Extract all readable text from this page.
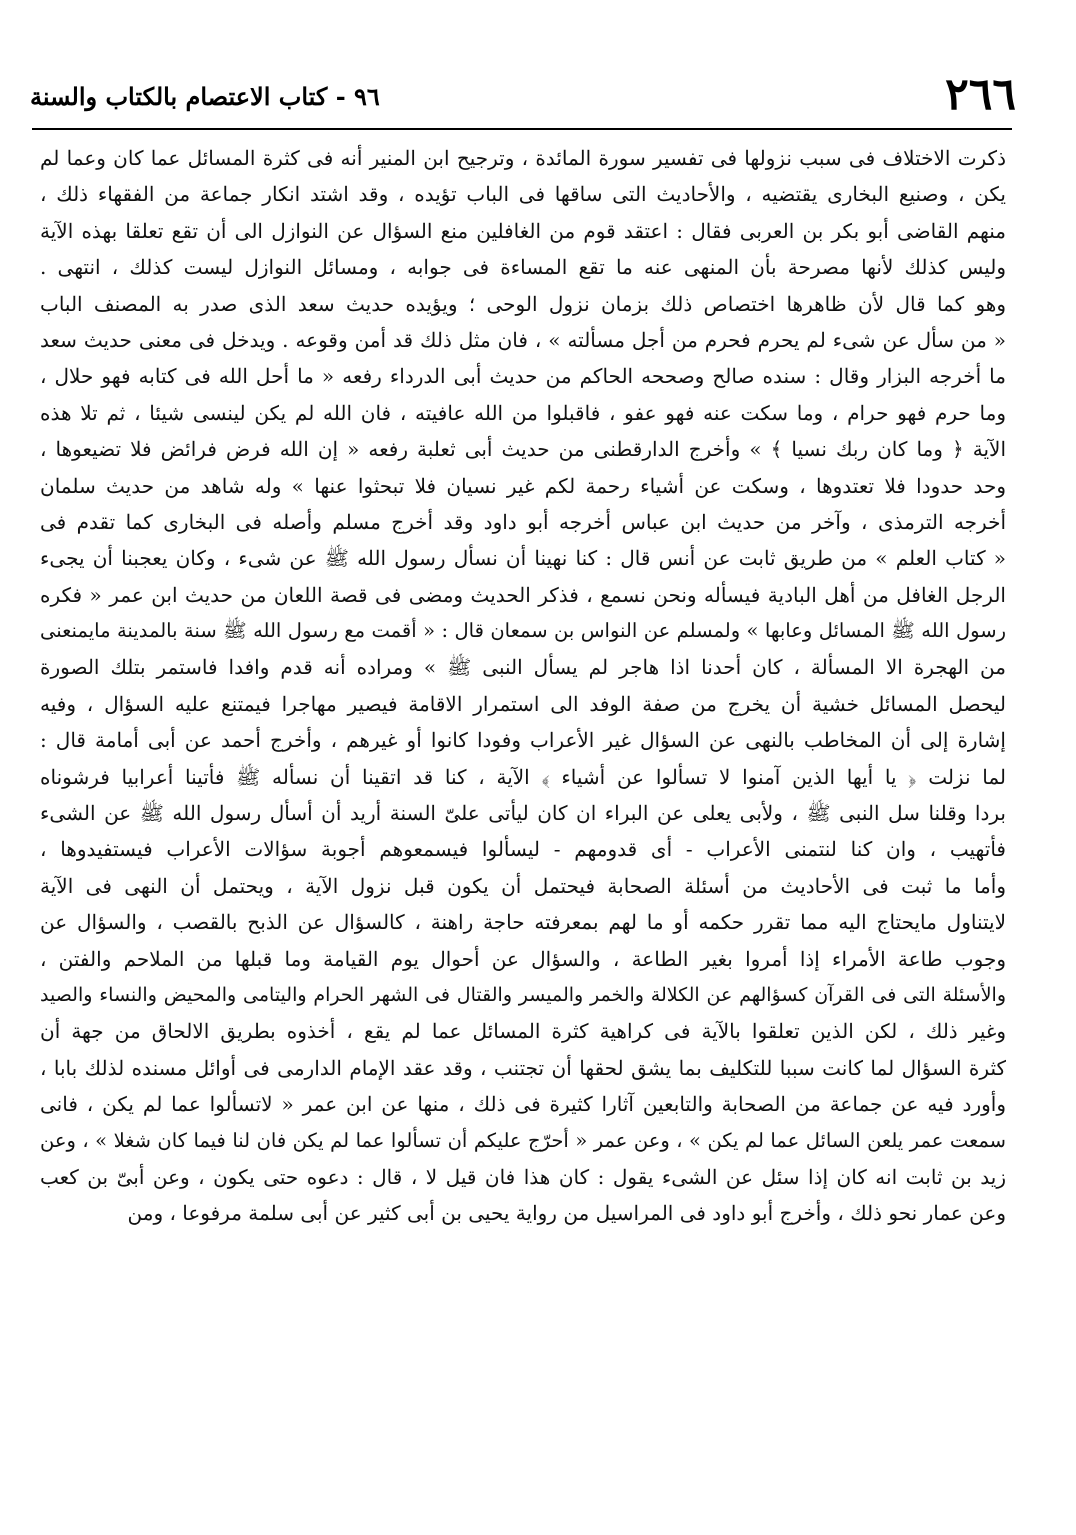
٢٦٦
٩٦ - كتاب الاعتصام بالكتاب والسنة
ذكرت الاختلاف فى سبب نزولها فى تفسير سورة المائدة ، وترجيح ابن المنير أنه فى كثرة المسائل عما كان وعما لم
يكن ، وصنيع البخارى يقتضيه ، والأحاديث التى ساقها فى الباب تؤيده ، وقد اشتد انكار جماعة من الفقهاء ذلك ،
منهم القاضى أبو بكر بن العربى فقال : اعتقد قوم من الغافلين منع السؤال عن النوازل الى أن تقع تعلقا بهذه الآية
وليس كذلك لأنها مصرحة بأن المنهى عنه ما تقع المساءة فى جوابه ، ومسائل النوازل ليست كذلك ، انتهى .
وهو كما قال لأن ظاهرها اختصاص ذلك بزمان نزول الوحى ؛ ويؤيده حديث سعد الذى صدر به المصنف الباب
« من سأل عن شىء لم يحرم فحرم من أجل مسألته » ، فان مثل ذلك قد أمن وقوعه . ويدخل فى معنى حديث سعد
ما أخرجه البزار وقال : سنده صالح وصححه الحاكم من حديث أبى الدرداء رفعه « ما أحل الله فى كتابه فهو حلال ،
وما حرم فهو حرام ، وما سكت عنه فهو عفو ، فاقبلوا من الله عافيته ، فان الله لم يكن لينسى شيئا ، ثم تلا هذه
الآية ﴿ وما كان ربك نسيا ﴾ » وأخرج الدارقطنى من حديث أبى ثعلبة رفعه « إن الله فرض فرائض فلا تضيعوها ،
وحد حدودا فلا تعتدوها ، وسكت عن أشياء رحمة لكم غير نسيان فلا تبحثوا عنها » وله شاهد من حديث سلمان
أخرجه الترمذى ، وآخر من حديث ابن عباس أخرجه أبو داود وقد أخرج مسلم وأصله فى البخارى كما تقدم فى
« كتاب العلم » من طريق ثابت عن أنس قال : كنا نهينا أن نسأل رسول الله ﷺ عن شىء ، وكان يعجبنا أن يجىء
الرجل الغافل من أهل البادية فيسأله ونحن نسمع ، فذكر الحديث ومضى فى قصة اللعان من حديث ابن عمر « فكره
رسول الله ﷺ المسائل وعابها » ولمسلم عن النواس بن سمعان قال : « أقمت مع رسول الله ﷺ سنة بالمدينة مايمنعنى
من الهجرة الا المسألة ، كان أحدنا اذا هاجر لم يسأل النبى ﷺ » ومراده أنه قدم وافدا فاستمر بتلك الصورة
ليحصل المسائل خشية أن يخرج من صفة الوفد الى استمرار الاقامة فيصير مهاجرا فيمتنع عليه السؤال ، وفيه
إشارة إلى أن المخاطب بالنهى عن السؤال غير الأعراب وفودا كانوا أو غيرهم ، وأخرج أحمد عن أبى أمامة قال :
لما نزلت ﴿ يا أيها الذين آمنوا لا تسألوا عن أشياء ﴾ الآية ، كنا قد اتقينا أن نسأله ﷺ فأتينا أعرابيا فرشوناه
بردا وقلنا سل النبى ﷺ ، ولأبى يعلى عن البراء ان كان ليأتى علىّ السنة أريد أن أسأل رسول الله ﷺ عن الشىء
فأتهيب ، وان كنا لنتمنى الأعراب - أى قدومهم - ليسألوا فيسمعوهم أجوبة سؤالات الأعراب فيستفيدوها ،
وأما ما ثبت فى الأحاديث من أسئلة الصحابة فيحتمل أن يكون قبل نزول الآية ، ويحتمل أن النهى فى الآية
لايتناول مايحتاج اليه مما تقرر حكمه أو ما لهم بمعرفته حاجة راهنة ، كالسؤال عن الذبح بالقصب ، والسؤال عن
وجوب طاعة الأمراء إذا أمروا بغير الطاعة ، والسؤال عن أحوال يوم القيامة وما قبلها من الملاحم والفتن ،
والأسئلة التى فى القرآن كسؤالهم عن الكلالة والخمر والميسر والقتال فى الشهر الحرام واليتامى والمحيض والنساء والصيد
وغير ذلك ، لكن الذين تعلقوا بالآية فى كراهية كثرة المسائل عما لم يقع ، أخذوه بطريق الالحاق من جهة أن
كثرة السؤال لما كانت سببا للتكليف بما يشق لحقها أن تجتنب ، وقد عقد الإمام الدارمى فى أوائل مسنده لذلك بابا ،
وأورد فيه عن جماعة من الصحابة والتابعين آثارا كثيرة فى ذلك ، منها عن ابن عمر « لاتسألوا عما لم يكن ، فانى
سمعت عمر يلعن السائل عما لم يكن » ، وعن عمر « أحرّج عليكم أن تسألوا عما لم يكن فان لنا فيما كان شغلا » ، وعن
زيد بن ثابت انه كان إذا سئل عن الشىء يقول : كان هذا فان قيل لا ، قال : دعوه حتى يكون ، وعن أبىّ بن كعب
وعن عمار نحو ذلك ، وأخرج أبو داود فى المراسيل من رواية يحيى بن أبى كثير عن أبى سلمة مرفوعا ، ومن
